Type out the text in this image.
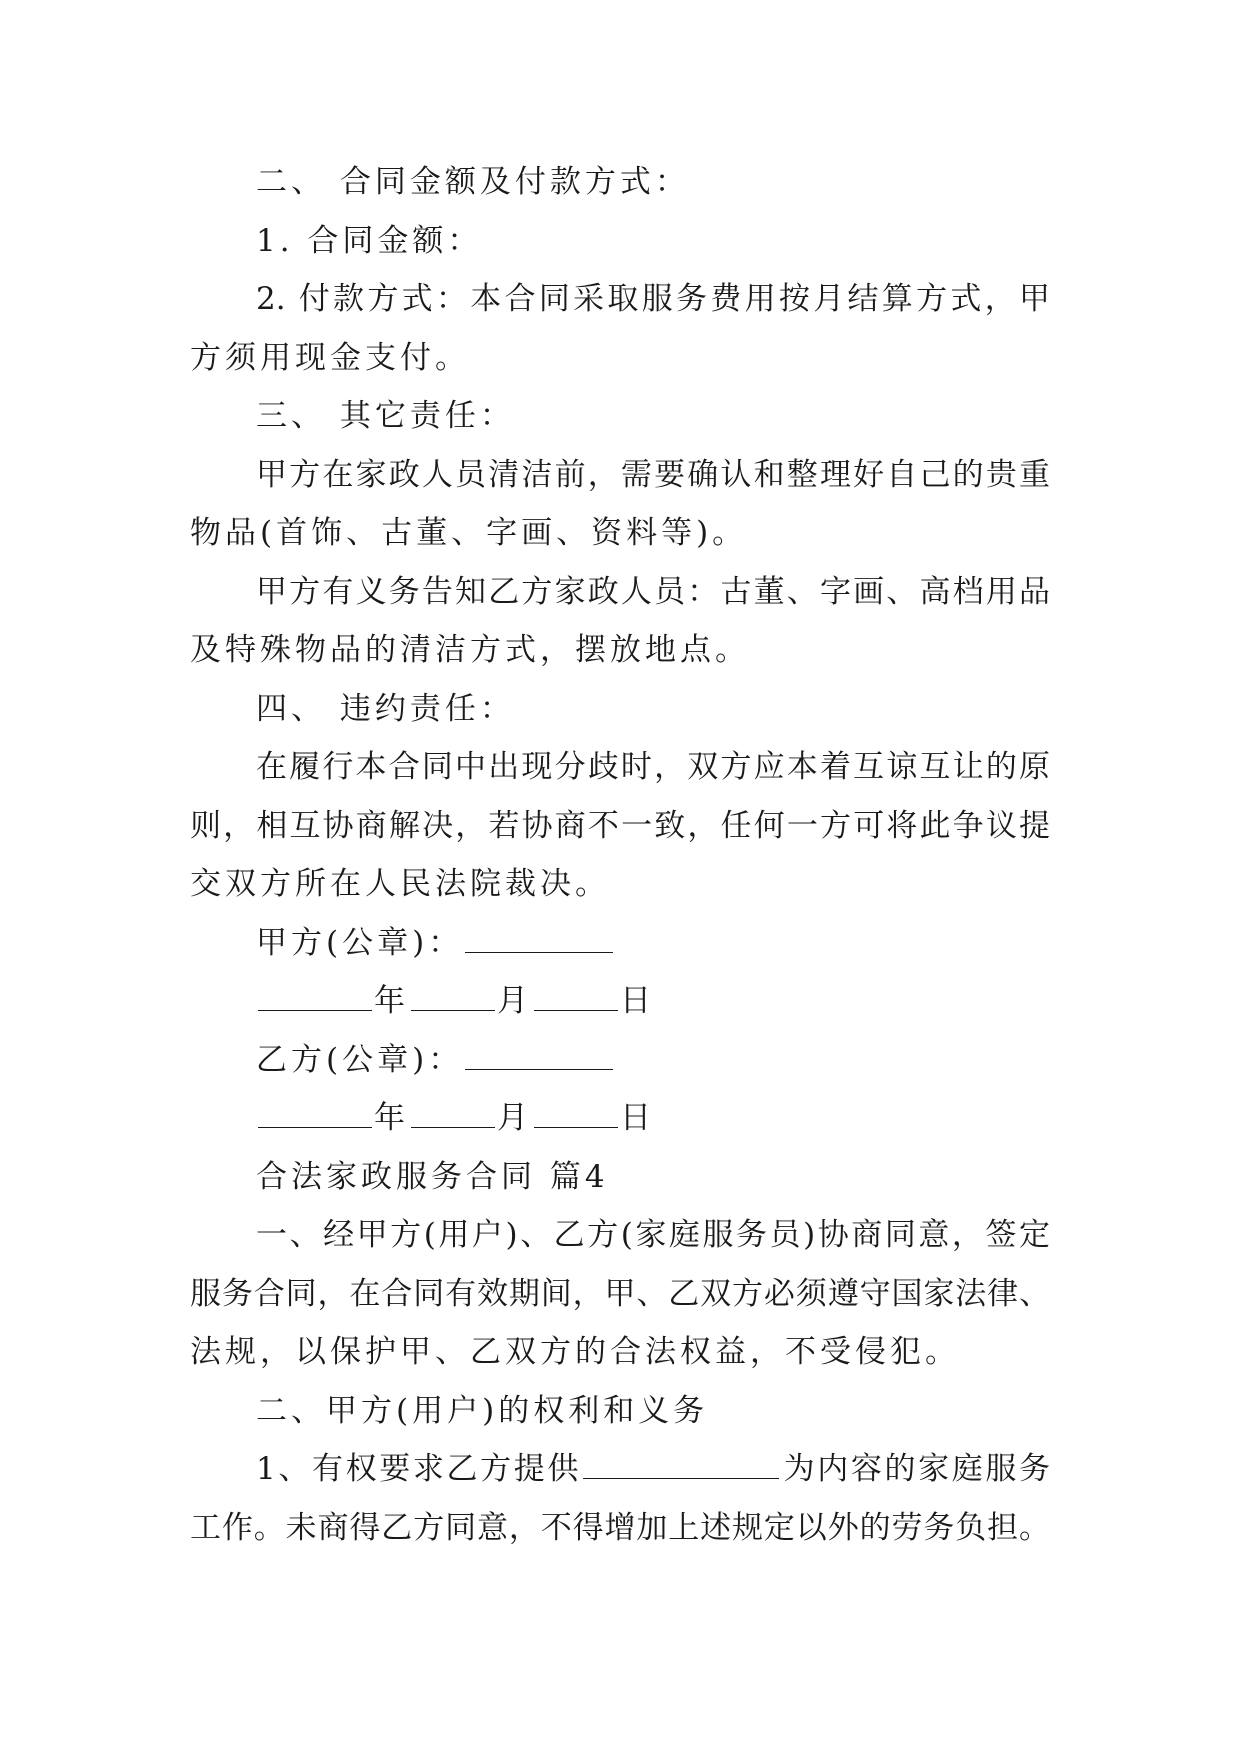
二、 合同金额及付款方式：
1. 合同金额：
2. 付款方式：本合同采取服务费用按月结算方式，甲
方须用现金支付。
三、 其它责任：
甲方在家政人员清洁前，需要确认和整理好自己的贵重
物品(首饰、古董、字画、资料等)。
甲方有义务告知乙方家政人员：古董、字画、高档用品
及特殊物品的清洁方式，摆放地点。
四、 违约责任：
在履行本合同中出现分歧时，双方应本着互谅互让的原
则，相互协商解决，若协商不一致，任何一方可将此争议提
交双方所在人民法院裁决。
甲方(公章)：
年	月	日
乙方(公章)：
年	月	日
合法家政服务合同 篇4
一、经甲方(用户)、乙方(家庭服务员)协商同意，签定
服务合同，在合同有效期间，甲、乙双方必须遵守国家法律、
法规，以保护甲、乙双方的合法权益，不受侵犯。
二、甲方(用户)的权利和义务
1、有权要求乙方提供	为内容的家庭服务
工作。未商得乙方同意，不得增加上述规定以外的劳务负担。
